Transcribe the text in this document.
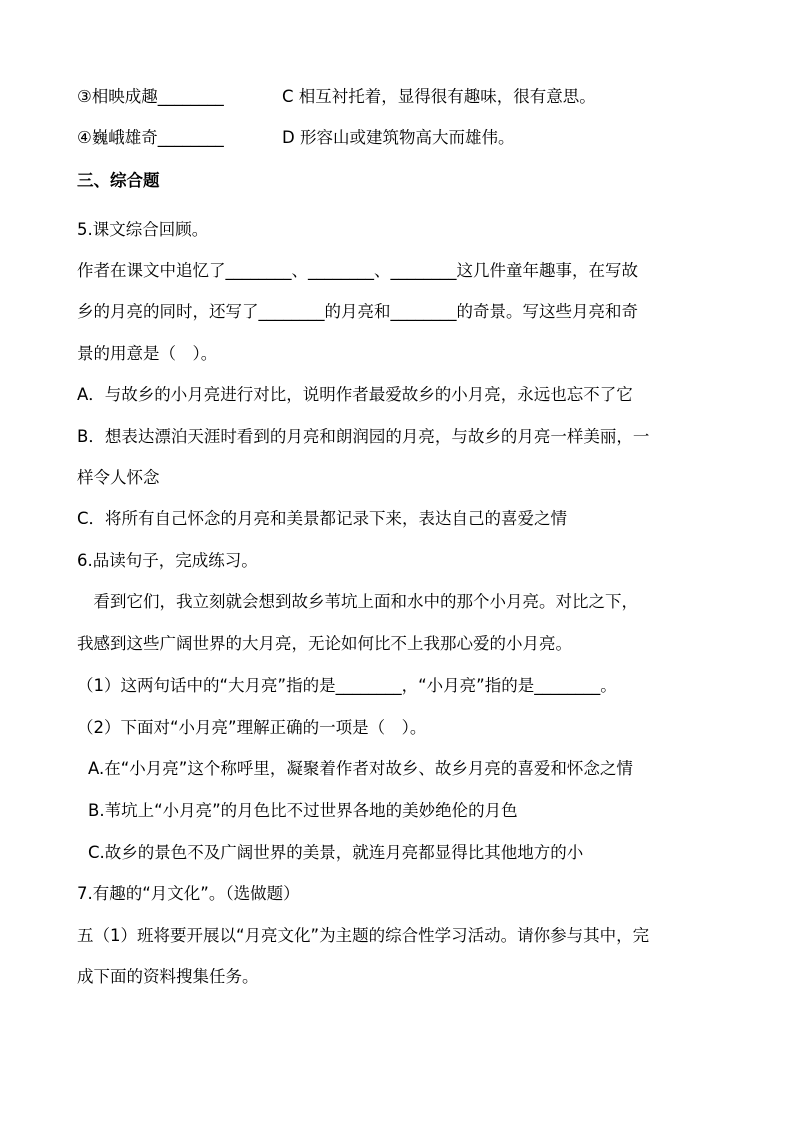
③相映成趣________	C 相互衬托着，显得很有趣味，很有意思。
④巍峨雄奇________	D 形容山或建筑物高大而雄伟。
三、综合题
5.课文综合回顾。
作者在课文中追忆了________、________、________这几件童年趣事，在写故
乡的月亮的同时，还写了________的月亮和________的奇景。写这些月亮和奇
景的用意是（　）。
A．与故乡的小月亮进行对比，说明作者最爱故乡的小月亮，永远也忘不了它
B．想表达漂泊天涯时看到的月亮和朗润园的月亮，与故乡的月亮一样美丽，一
样令人怀念
C．将所有自己怀念的月亮和美景都记录下来，表达自己的喜爱之情
6.品读句子，完成练习。
　看到它们，我立刻就会想到故乡苇坑上面和水中的那个小月亮。对比之下，
我感到这些广阔世界的大月亮，无论如何比不上我那心爱的小月亮。
（1）这两句话中的“大月亮”指的是________，“小月亮”指的是________。
（2）下面对“小月亮”理解正确的一项是（　）。
A.在“小月亮”这个称呼里，凝聚着作者对故乡、故乡月亮的喜爱和怀念之情
B.苇坑上“小月亮”的月色比不过世界各地的美妙绝伦的月色
C.故乡的景色不及广阔世界的美景，就连月亮都显得比其他地方的小
7.有趣的“月文化”。（选做题）
五（1）班将要开展以“月亮文化”为主题的综合性学习活动。请你参与其中，完
成下面的资料搜集任务。
